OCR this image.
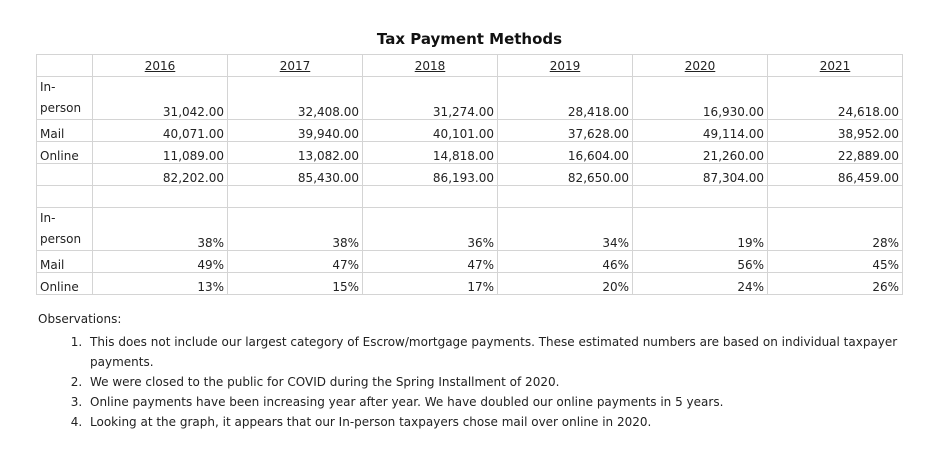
Tax Payment Methods
	2016	2017	2018	2019	2020	2021
In-person	31,042.00	32,408.00	31,274.00	28,418.00	16,930.00	24,618.00
Mail	40,071.00	39,940.00	40,101.00	37,628.00	49,114.00	38,952.00
Online	11,089.00	13,082.00	14,818.00	16,604.00	21,260.00	22,889.00
	82,202.00	85,430.00	86,193.00	82,650.00	87,304.00	86,459.00

In-person	38%	38%	36%	34%	19%	28%
Mail	49%	47%	47%	46%	56%	45%
Online	13%	15%	17%	20%	24%	26%

Observations:

1. This does not include our largest category of Escrow/mortgage payments. These estimated numbers are based on individual taxpayer payments.
2. We were closed to the public for COVID during the Spring Installment of 2020.
3. Online payments have been increasing year after year. We have doubled our online payments in 5 years.
4. Looking at the graph, it appears that our In-person taxpayers chose mail over online in 2020.
